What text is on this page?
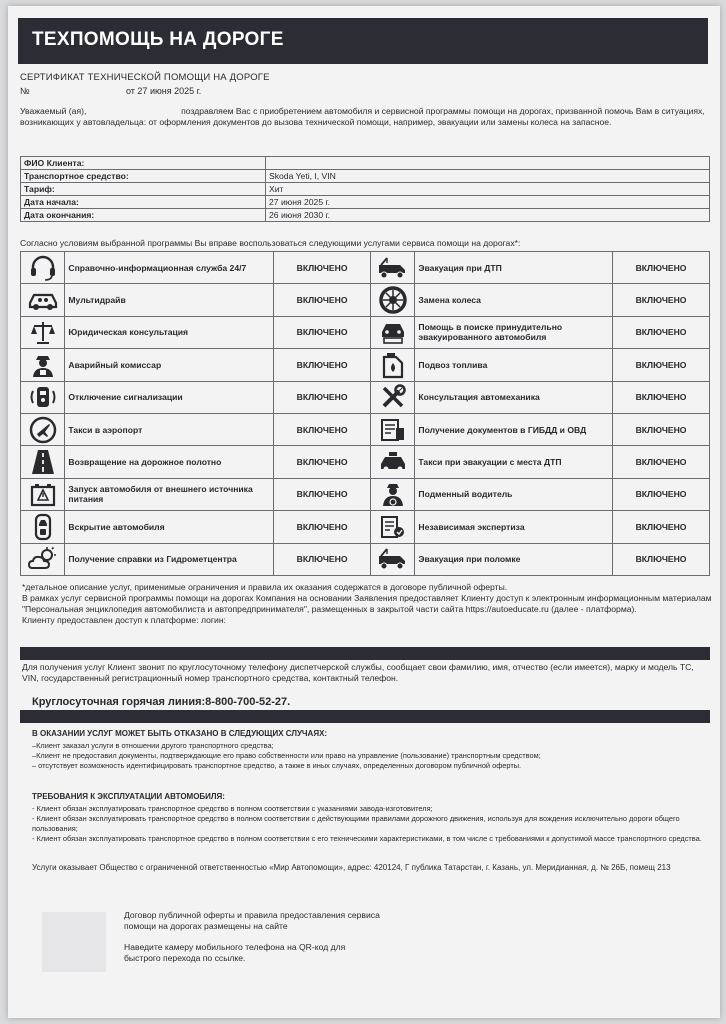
ТЕХПОМОЩЬ НА ДОРОГЕ
СЕРТИФИКАТ ТЕХНИЧЕСКОЙ ПОМОЩИ НА ДОРОГЕ
№	от 27 июня 2025 г.
Уважаемый (ая),	поздравляем Вас с приобретением автомобиля и сервисной программы помощи на дорогах, призванной помочь Вам в ситуациях, возникающих у автовладельца: от оформления документов до вызова технической помощи, например, эвакуации или замены колеса на запасное.
ФИО Клиента:	
Транспортное средство:	Skoda Yeti, I, VIN
Тариф:	Хит
Дата начала:	27 июня 2025 г.
Дата окончания:	26 июня 2030 г.
Согласно условиям выбранной программы Вы вправе воспользоваться следующими услугами сервиса помощи на дорогах*:
	Справочно-информационная служба 24/7	ВКЛЮЧЕНО		Эвакуация при ДТП	ВКЛЮЧЕНО

	Мультидрайв	ВКЛЮЧЕНО		Замена колеса	ВКЛЮЧЕНО

	Юридическая консультация	ВКЛЮЧЕНО		Помощь в поиске принудительно эвакуированного автомобиля	ВКЛЮЧЕНО

	Аварийный комиссар	ВКЛЮЧЕНО		Подвоз топлива	ВКЛЮЧЕНО

	Отключение сигнализации	ВКЛЮЧЕНО		Консультация автомеханика	ВКЛЮЧЕНО

	Такси в аэропорт	ВКЛЮЧЕНО		Получение документов в ГИБДД и ОВД	ВКЛЮЧЕНО

	Возвращение на дорожное полотно	ВКЛЮЧЕНО		Такси при эвакуации с места ДТП	ВКЛЮЧЕНО

	Запуск автомобиля от внешнего источника питания	ВКЛЮЧЕНО		Подменный водитель	ВКЛЮЧЕНО

	Вскрытие автомобиля	ВКЛЮЧЕНО		Независимая экспертиза	ВКЛЮЧЕНО

	Получение справки из Гидрометцентра	ВКЛЮЧЕНО		Эвакуация при поломке	ВКЛЮЧЕНО
*детальное описание услуг, применимые ограничения и правила их оказания содержатся в договоре публичной оферты.
В рамках услуг сервисной программы помощи на дорогах Компания на основании Заявления предоставляет Клиенту доступ к электронным информационным материалам "Персональная энциклопедия автомобилиста и автопредпринимателя", размещенных в закрытой части сайта https://autoeducate.ru (далее - платформа).
Клиенту предоставлен доступ к платформе: логин:
Для получения услуг Клиент звонит по круглосуточному телефону диспетчерской службы, сообщает свои фамилию, имя, отчество (если имеется), марку и модель ТС, VIN, государственный регистрационный номер транспортного средства, контактный телефон.
Круглосуточная горячая линия:8-800-700-52-27.
В ОКАЗАНИИ УСЛУГ МОЖЕТ БЫТЬ ОТКАЗАНО В СЛЕДУЮЩИХ СЛУЧАЯХ:
–Клиент заказал услуги в отношении другого транспортного средства;
–Клиент не предоставил документы, подтверждающие его право собственности или право на управление (пользование) транспортным средством;
– отсутствует возможность идентифицировать транспортное средство, а также в иных случаях, определенных договором публичной оферты.
ТРЕБОВАНИЯ К ЭКСПЛУАТАЦИИ АВТОМОБИЛЯ:
- Клиент обязан эксплуатировать транспортное средство в полном соответствии с указаниями завода-изготовителя;
- Клиент обязан эксплуатировать транспортное средство в полном соответствии с действующими правилами дорожного движения, используя для вождения исключительно дороги общего пользования;
- Клиент обязан эксплуатировать транспортное средство в полном соответствии с его техническими характеристиками, в том числе с требованиями к допустимой массе транспортного средства.
Услуги оказывает Общество с ограниченной ответственностью «Мир Автопомощи», адрес: 420124, Г публика Татарстан, г. Казань, ул. Меридианная, д. № 26Б, помещ 213
Договор публичной оферты и правила предоставления сервиса помощи на дорогах размещены на сайте
Наведите камеру мобильного телефона на QR-код для быстрого перехода по ссылке.
